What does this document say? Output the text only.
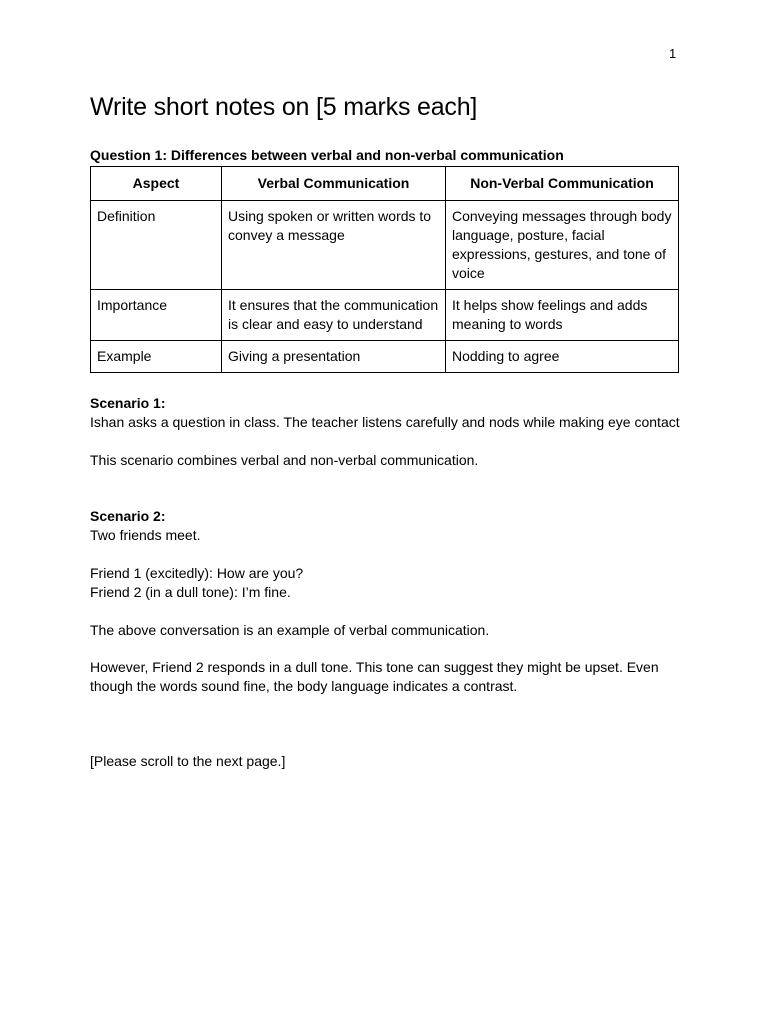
1
Write short notes on [5 marks each]
Question 1: Differences between verbal and non-verbal communication
Aspect	Verbal Communication	Non-Verbal Communication
Definition	Using spoken or written words to convey a message	Conveying messages through body language, posture, facial expressions, gestures, and tone of voice
Importance	It ensures that the communication is clear and easy to understand	It helps show feelings and adds meaning to words
Example	Giving a presentation	Nodding to agree

Scenario 1:

Ishan asks a question in class. The teacher listens carefully and nods while making eye contact

This scenario combines verbal and non-verbal communication.

Scenario 2:

Two friends meet.

Friend 1 (excitedly): How are you?

Friend 2 (in a dull tone): I’m fine.

The above conversation is an example of verbal communication.

However, Friend 2 responds in a dull tone. This tone can suggest they might be upset. Even though the words sound fine, the body language indicates a contrast.

[Please scroll to the next page.]
